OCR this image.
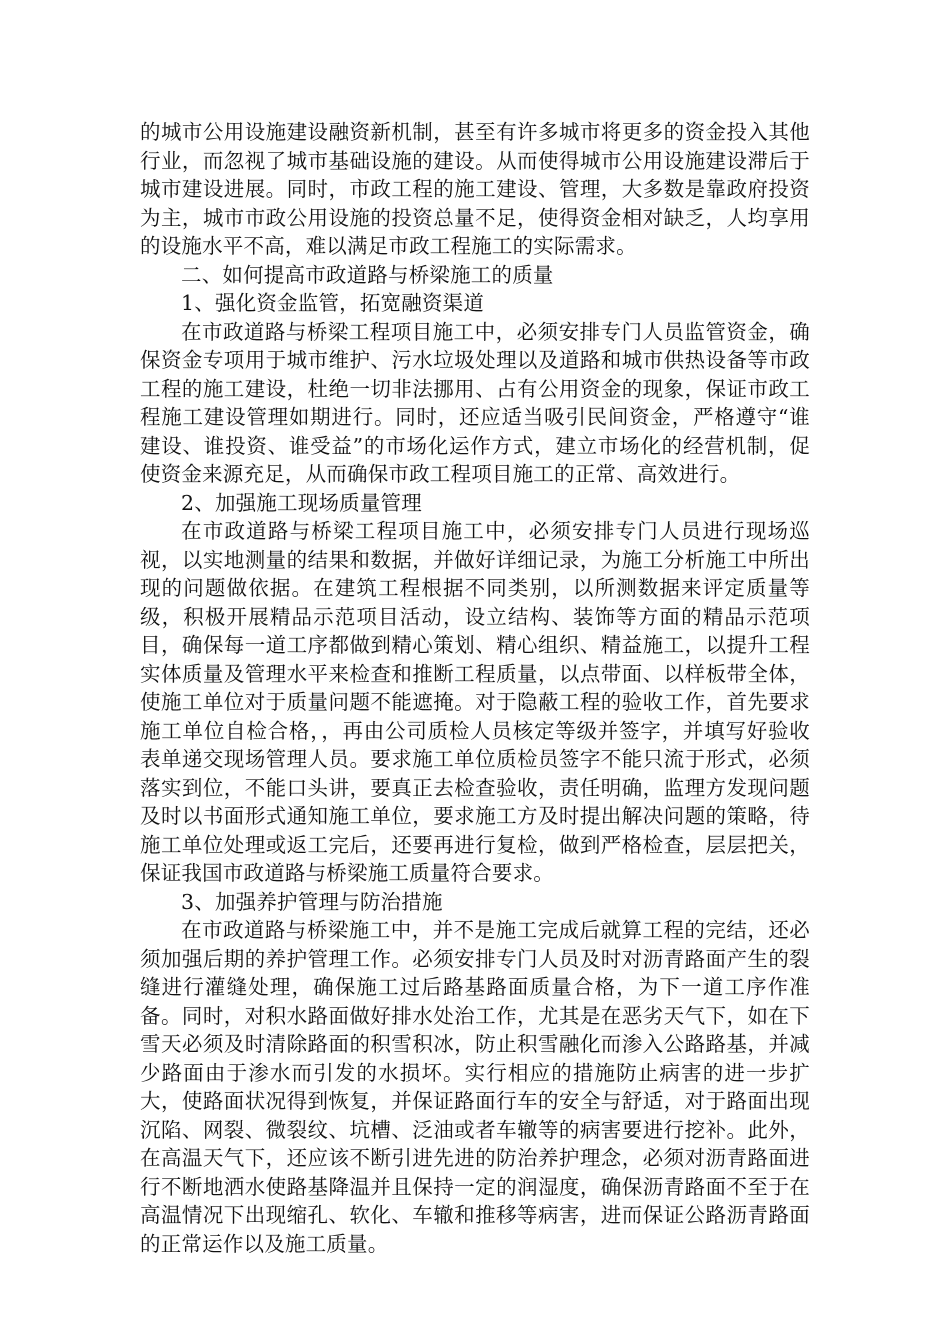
的城市公用设施建设融资新机制，甚至有许多城市将更多的资金投入其他行业，而忽视了城市基础设施的建设。从而使得城市公用设施建设滞后于城市建设进展。同时，市政工程的施工建设、管理，大多数是靠政府投资为主，城市市政公用设施的投资总量不足，使得资金相对缺乏，人均享用的设施水平不高，难以满足市政工程施工的实际需求。

二、如何提高市政道路与桥梁施工的质量

1、强化资金监管，拓宽融资渠道

在市政道路与桥梁工程项目施工中，必须安排专门人员监管资金，确保资金专项用于城市维护、污水垃圾处理以及道路和城市供热设备等市政工程的施工建设，杜绝一切非法挪用、占有公用资金的现象，保证市政工程施工建设管理如期进行。同时，还应适当吸引民间资金，严格遵守“谁建设、谁投资、谁受益”的市场化运作方式，建立市场化的经营机制，促使资金来源充足，从而确保市政工程项目施工的正常、高效进行。

2、加强施工现场质量管理

在市政道路与桥梁工程项目施工中，必须安排专门人员进行现场巡视，以实地测量的结果和数据，并做好详细记录，为施工分析施工中所出现的问题做依据。在建筑工程根据不同类别，以所测数据来评定质量等级，积极开展精品示范项目活动，设立结构、装饰等方面的精品示范项目，确保每一道工序都做到精心策划、精心组织、精益施工，以提升工程实体质量及管理水平来检查和推断工程质量，以点带面、以样板带全体，使施工单位对于质量问题不能遮掩。对于隐蔽工程的验收工作，首先要求施工单位自检合格，，再由公司质检人员核定等级并签字，并填写好验收表单递交现场管理人员。要求施工单位质检员签字不能只流于形式，必须落实到位，不能口头讲，要真正去检查验收，责任明确，监理方发现问题及时以书面形式通知施工单位，要求施工方及时提出解决问题的策略，待施工单位处理或返工完后，还要再进行复检，做到严格检查，层层把关，保证我国市政道路与桥梁施工质量符合要求。

3、加强养护管理与防治措施

在市政道路与桥梁施工中，并不是施工完成后就算工程的完结，还必须加强后期的养护管理工作。必须安排专门人员及时对沥青路面产生的裂缝进行灌缝处理，确保施工过后路基路面质量合格，为下一道工序作准备。同时，对积水路面做好排水处治工作，尤其是在恶劣天气下，如在下雪天必须及时清除路面的积雪积冰，防止积雪融化而渗入公路路基，并减少路面由于渗水而引发的水损坏。实行相应的措施防止病害的进一步扩大，使路面状况得到恢复，并保证路面行车的安全与舒适，对于路面出现沉陷、网裂、微裂纹、坑槽、泛油或者车辙等的病害要进行挖补。此外，在高温天气下，还应该不断引进先进的防治养护理念，必须对沥青路面进行不断地洒水使路基降温并且保持一定的润湿度，确保沥青路面不至于在高温情况下出现缩孔、软化、车辙和推移等病害，进而保证公路沥青路面的正常运作以及施工质量。
